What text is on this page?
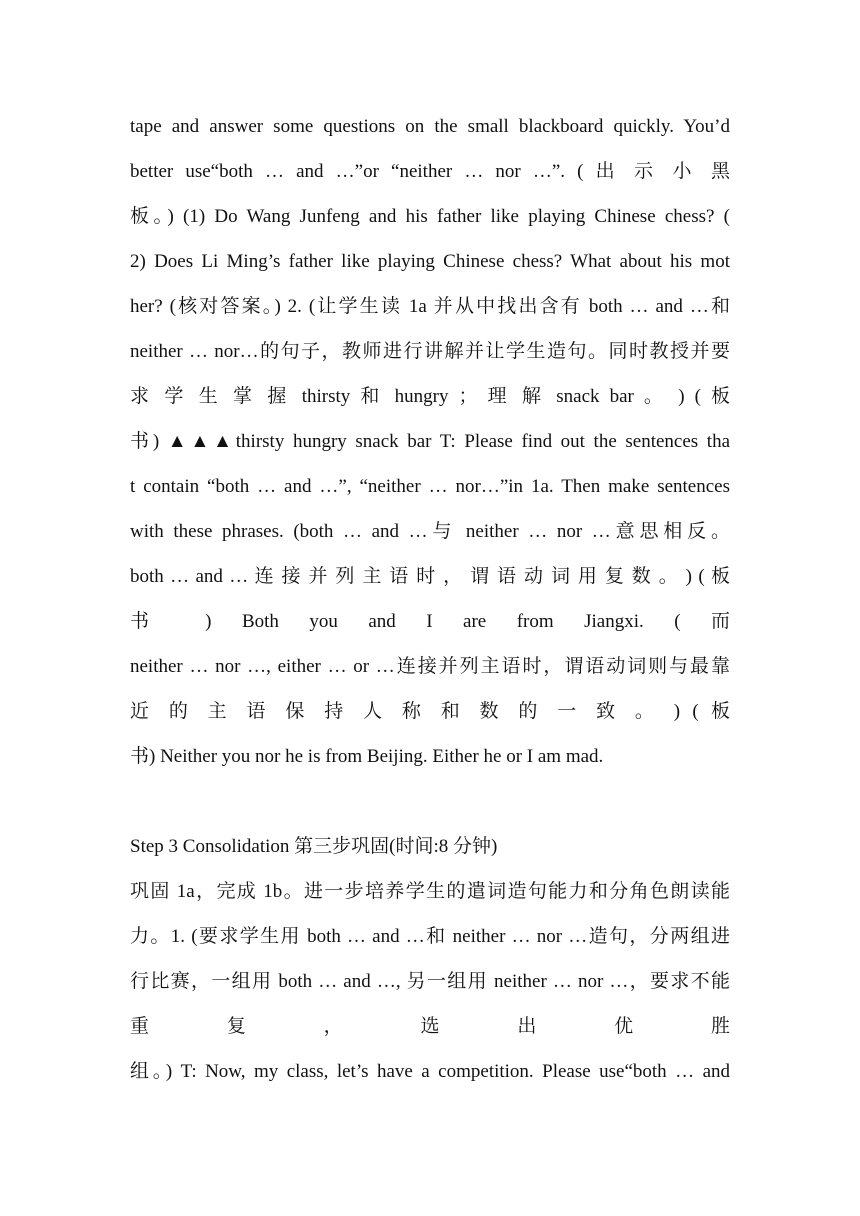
tape and answer some questions on the small blackboard quickly. You’d
better use“both … and …”or “neither … nor …”. ( 出 示 小 黑
板。) (1) Do Wang Junfeng and his father like playing Chinese chess? (
2) Does Li Ming’s father like playing Chinese chess? What about his mot
her? (核对答案。) 2. (让学生读 1a 并从中找出含有 both … and …和
neither … nor…的句子，教师进行讲解并让学生造句。同时教授并要
求 学 生 掌 握 thirsty 和 hungry ； 理 解 snack bar 。 ) ( 板
书) ▲▲▲thirsty hungry snack bar T: Please find out the sentences tha
t contain “both … and …”, “neither … nor…”in 1a. Then make sentences
with these phrases. (both … and …与 neither … nor …意思相反。
both … and … 连 接 并 列 主 语 时 ， 谓 语 动 词 用 复 数 。 ) ( 板
书 ) Both you and I are from Jiangxi. ( 而
neither … nor …, either … or …连接并列主语时，谓语动词则与最靠
近 的 主 语 保 持 人 称 和 数 的 一 致 。 ) ( 板
书) Neither you nor he is from Beijing. Either he or I am mad.
Step 3 Consolidation 第三步巩固(时间:8 分钟)
巩固 1a，完成 1b。进一步培养学生的遣词造句能力和分角色朗读能
力。1. (要求学生用 both … and …和 neither … nor …造句，分两组进
行比赛，一组用 both … and …, 另一组用 neither … nor …，要求不能
重 复 ， 选 出 优 胜
组。) T: Now, my class, let’s have a competition. Please use“both … and
